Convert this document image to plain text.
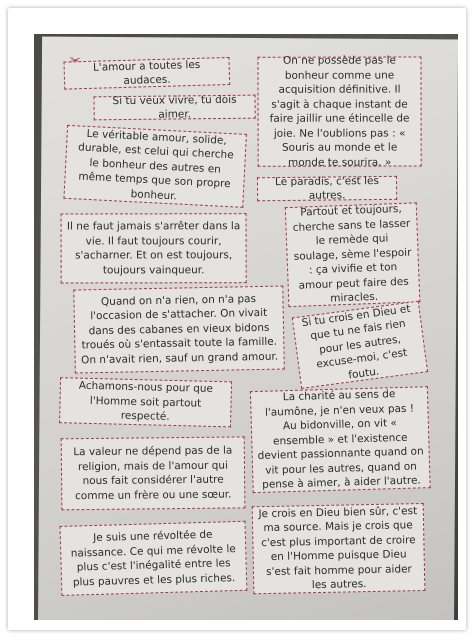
L'amour a toutes les audaces.
Si tu veux vivre, tu dois aimer.
Le véritable amour, solide, durable, est celui qui cherche le bonheur des autres en même temps que son propre bonheur.
Il ne faut jamais s'arrêter dans la vie. Il faut toujours courir, s'acharner. Et on est toujours, toujours vainqueur.
Quand on n'a rien, on n'a pas l'occasion de s'attacher. On vivait dans des cabanes en vieux bidons troués où s'entassait toute la famille. On n'avait rien, sauf un grand amour.
Achamons-nous pour que l'Homme soit partout respecté.
La valeur ne dépend pas de la religion, mais de l'amour qui nous fait considérer l'autre comme un frère ou une sœur.
Je suis une révoltée de naissance. Ce qui me révolte le plus c'est l'inégalité entre les plus pauvres et les plus riches.
On ne possède pas le bonheur comme une acquisition définitive. Il s'agit à chaque instant de faire jaillir une étincelle de joie. Ne l'oublions pas : « Souris au monde et le monde te sourira. »
Le paradis, c'est les autres.
Partout et toujours, cherche sans te lasser le remède qui soulage, sème l'espoir : ça vivifie et ton amour peut faire des miracles.
Si tu crois en Dieu et que tu ne fais rien pour les autres, excuse-moi, c'est foutu.
La charité au sens de l'aumône, je n'en veux pas ! Au bidonville, on vit « ensemble » et l'existence devient passionnante quand on vit pour les autres, quand on pense à aimer, à aider l'autre.
Je crois en Dieu bien sûr, c'est ma source. Mais je crois que c'est plus important de croire en l'Homme puisque Dieu s'est fait homme pour aider les autres.
